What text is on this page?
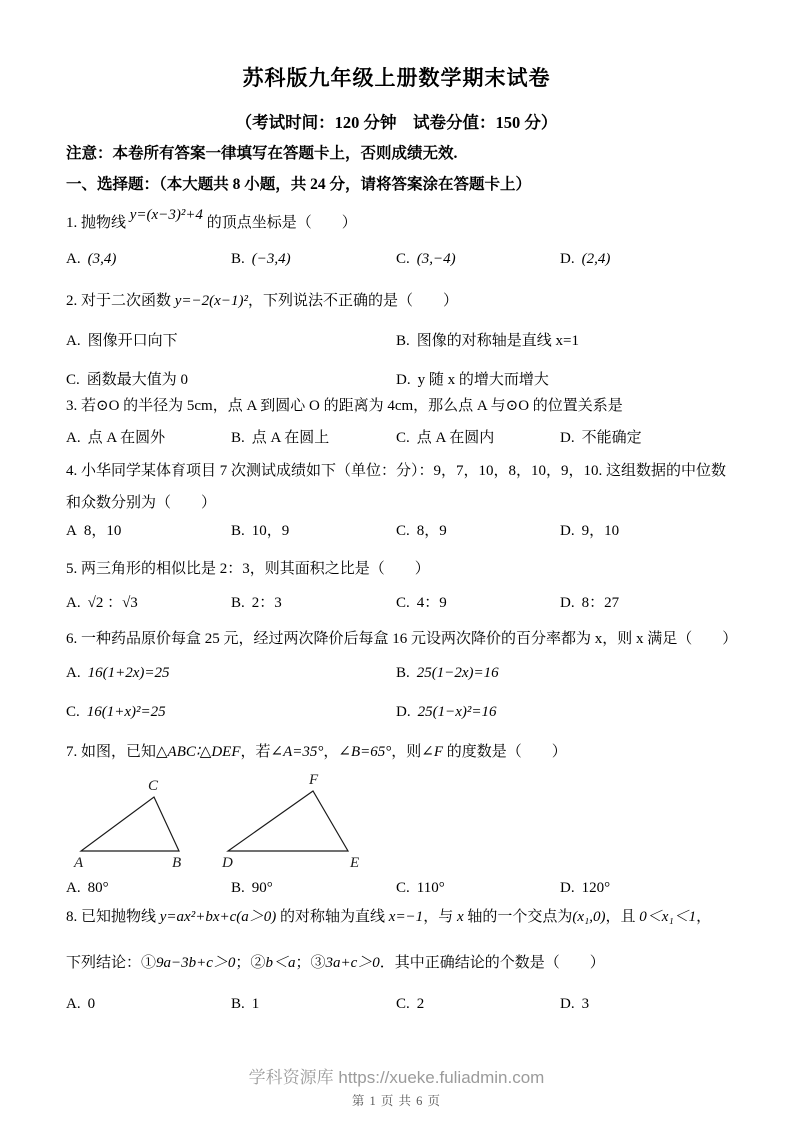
苏科版九年级上册数学期末试卷
（考试时间：120 分钟　试卷分值：150 分）
注意：本卷所有答案一律填写在答题卡上，否则成绩无效.
一、选择题：（本大题共 8 小题，共 24 分，请将答案涂在答题卡上）
1. 抛物线 y=(x−3)²+4 的顶点坐标是（　　）
A. (3,4)	B. (−3,4)	C. (3,−4)	D. (2,4)
2. 对于二次函数 y=−2(x−1)²，下列说法不正确的是（　　）
A. 图像开口向下	B. 图像的对称轴是直线 x=1
C. 函数最大值为 0	D. y 随 x 的增大而增大
3. 若⊙O 的半径为 5cm，点 A 到圆心 O 的距离为 4cm，那么点 A 与⊙O 的位置关系是
A. 点 A 在圆外	B. 点 A 在圆上	C. 点 A 在圆内	D. 不能确定
4. 小华同学某体育项目 7 次测试成绩如下（单位：分）：9，7，10，8，10，9，10. 这组数据的中位数和众数分别为（　　）
A 8，10	B. 10，9	C. 8，9	D. 9，10
5. 两三角形的相似比是 2：3，则其面积之比是（　　）
A. √2 ：√3	B. 2：3	C. 4：9	D. 8：27
6. 一种药品原价每盒 25 元，经过两次降价后每盒 16 元设两次降价的百分率都为 x，则 x 满足（　　）
A. 16(1+2x)=25	B. 25(1−2x)=16
C. 16(1+x)²=25	D. 25(1−x)²=16
7. 如图，已知△ABC∶△DEF，若∠A=35°，∠B=65°，则∠F 的度数是（　　）
A	B
C
D	E
F
A. 80°	B. 90°	C. 110°	D. 120°
8. 已知抛物线 y=ax²+bx+c(a＞0) 的对称轴为直线 x=−1，与 x 轴的一个交点为(x₁,0)，且 0＜x₁＜1，
下列结论：①9a−3b+c＞0；②b＜a；③3a+c＞0．其中正确结论的个数是（　　）
A. 0	B. 1	C. 2	D. 3
学科资源库 https://xueke.fuliadmin.com
第 1 页 共 6 页
